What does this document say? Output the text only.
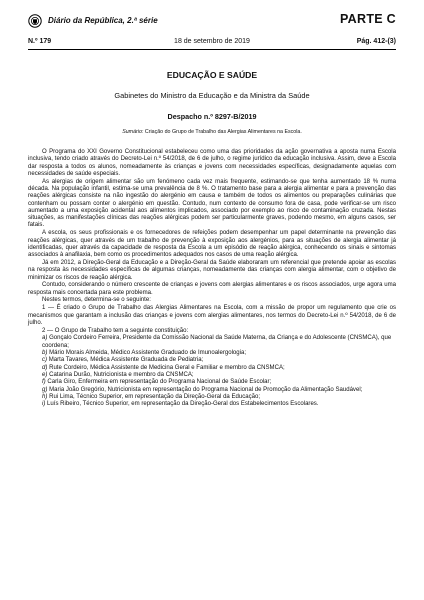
Diário da República, 2.ª série	PARTE C
N.º 179	18 de setembro de 2019	Pág. 412-(3)
EDUCAÇÃO E SAÚDE
Gabinetes do Ministro da Educação e da Ministra da Saúde
Despacho n.º 8297-B/2019
Sumário: Criação do Grupo de Trabalho das Alergias Alimentares na Escola.

O Programa do XXI Governo Constitucional estabeleceu como uma das prioridades da ação governativa a aposta numa Escola inclusiva, tendo criado através do Decreto-Lei n.º 54/2018, de 6 de julho, o regime jurídico da educação inclusiva. Assim, deve a Escola dar resposta a todos os alunos, nomeadamente às crianças e jovens com necessidades específicas, designadamente aquelas com necessidades de saúde especiais.

As alergias de origem alimentar são um fenómeno cada vez mais frequente, estimando-se que tenha aumentado 18 % numa década. Na população infantil, estima-se uma prevalência de 8 %. O tratamento base para a alergia alimentar e para a prevenção das reações alérgicas consiste na não ingestão do alergénio em causa e também de todos os alimentos ou preparações culinárias que contenham ou possam conter o alergénio em questão. Contudo, num contexto de consumo fora de casa, pode verificar-se um risco aumentado a uma exposição acidental aos alimentos implicados, associado por exemplo ao risco de contaminação cruzada. Nestas situações, as manifestações clínicas das reações alérgicas podem ser particularmente graves, podendo mesmo, em alguns casos, ser fatais.

A escola, os seus profissionais e os fornecedores de refeições podem desempenhar um papel determinante na prevenção das reações alérgicas, quer através de um trabalho de prevenção à exposição aos alergénios, para as situações de alergia alimentar já identificadas, quer através da capacidade de resposta da Escola a um episódio de reação alérgica, conhecendo os sinais e sintomas associados à anafilaxia, bem como os procedimentos adequados nos casos de uma reação alérgica.

Já em 2012, a Direção-Geral da Educação e a Direção-Geral da Saúde elaboraram um referencial que pretende apoiar as escolas na resposta às necessidades específicas de algumas crianças, nomeadamente das crianças com alergia alimentar, com o objetivo de minimizar os riscos de reação alérgica.

Contudo, considerando o número crescente de crianças e jovens com alergias alimentares e os riscos associados, urge agora uma resposta mais concertada para este problema.

Nestes termos, determina-se o seguinte:

1 — É criado o Grupo de Trabalho das Alergias Alimentares na Escola, com a missão de propor um regulamento que crie os mecanismos que garantam a inclusão das crianças e jovens com alergias alimentares, nos termos do Decreto-Lei n.º 54/2018, de 6 de julho.

2 — O Grupo de Trabalho tem a seguinte constituição:

a) Gonçalo Cordeiro Ferreira, Presidente da Comissão Nacional da Saúde Materna, da Criança e do Adolescente (CNSMCA), que coordena;

b) Mário Morais Almeida, Médico Assistente Graduado de Imunoalergologia;

c) Marta Tavares, Médica Assistente Graduada de Pediatria;

d) Rute Cordeiro, Médica Assistente de Medicina Geral e Familiar e membro da CNSMCA;

e) Catarina Durão, Nutricionista e membro da CNSMCA;

f) Carla Giro, Enfermeira em representação do Programa Nacional de Saúde Escolar;

g) Maria João Gregório, Nutricionista em representação do Programa Nacional de Promoção da Alimentação Saudável;

h) Rui Lima, Técnico Superior, em representação da Direção-Geral da Educação;

i) Luís Ribeiro, Técnico Superior, em representação da Direção-Geral dos Estabelecimentos Escolares.
